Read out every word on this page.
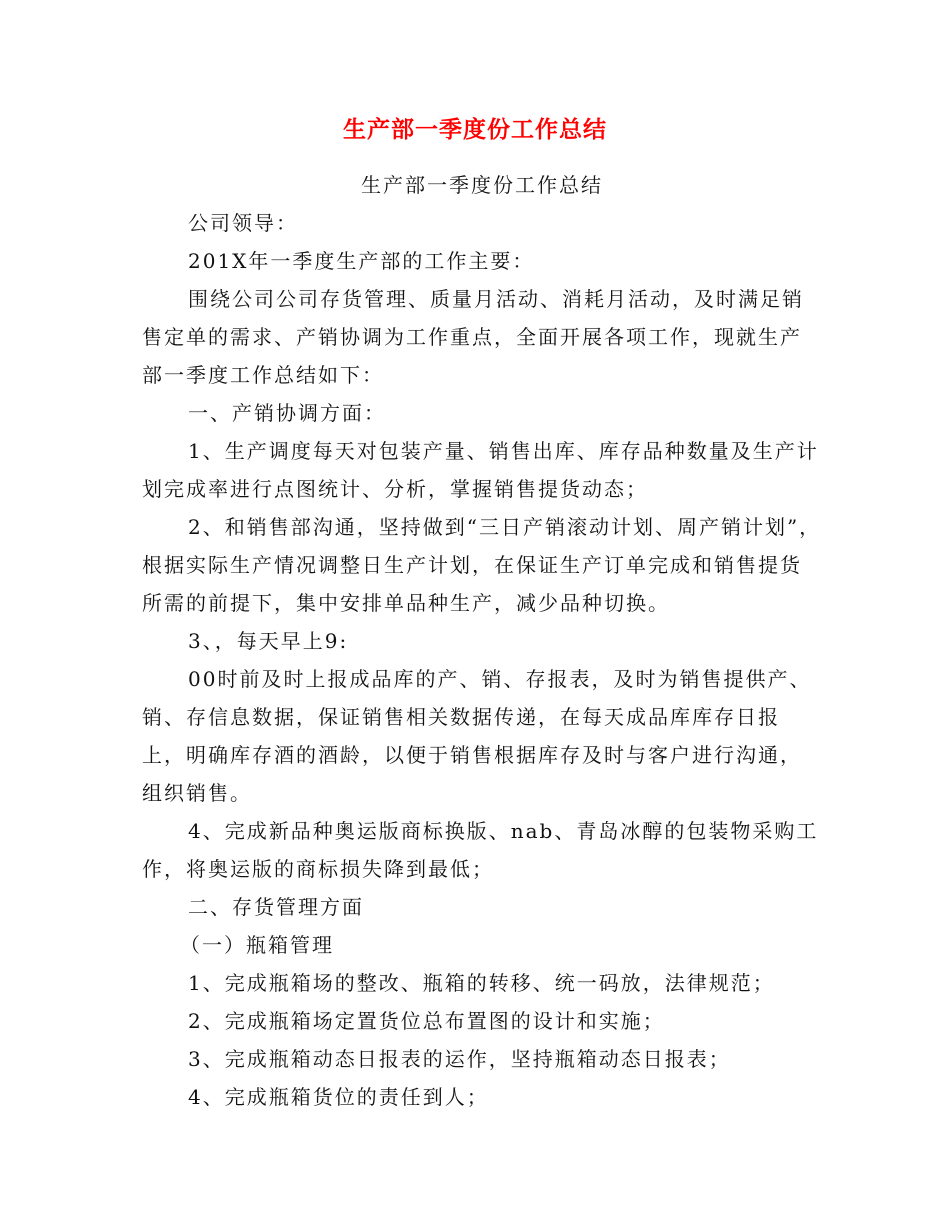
生产部一季度份工作总结

生产部一季度份工作总结

公司领导：

201X年一季度生产部的工作主要：

围绕公司公司存货管理、质量月活动、消耗月活动，及时满足销售定单的需求、产销协调为工作重点，全面开展各项工作，现就生产部一季度工作总结如下：

一、产销协调方面：

1、生产调度每天对包装产量、销售出库、库存品种数量及生产计划完成率进行点图统计、分析，掌握销售提货动态；

2、和销售部沟通，坚持做到“三日产销滚动计划、周产销计划”，根据实际生产情况调整日生产计划，在保证生产订单完成和销售提货所需的前提下，集中安排单品种生产，减少品种切换。

3、，每天早上9:

00时前及时上报成品库的产、销、存报表，及时为销售提供产、销、存信息数据，保证销售相关数据传递，在每天成品库库存日报上，明确库存酒的酒龄，以便于销售根据库存及时与客户进行沟通，组织销售。

4、完成新品种奥运版商标换版、nab、青岛冰醇的包装物采购工作，将奥运版的商标损失降到最低；

二、存货管理方面

（一）瓶箱管理

1、完成瓶箱场的整改、瓶箱的转移、统一码放，法律规范；

2、完成瓶箱场定置货位总布置图的设计和实施；

3、完成瓶箱动态日报表的运作，坚持瓶箱动态日报表；

4、完成瓶箱货位的责任到人；
